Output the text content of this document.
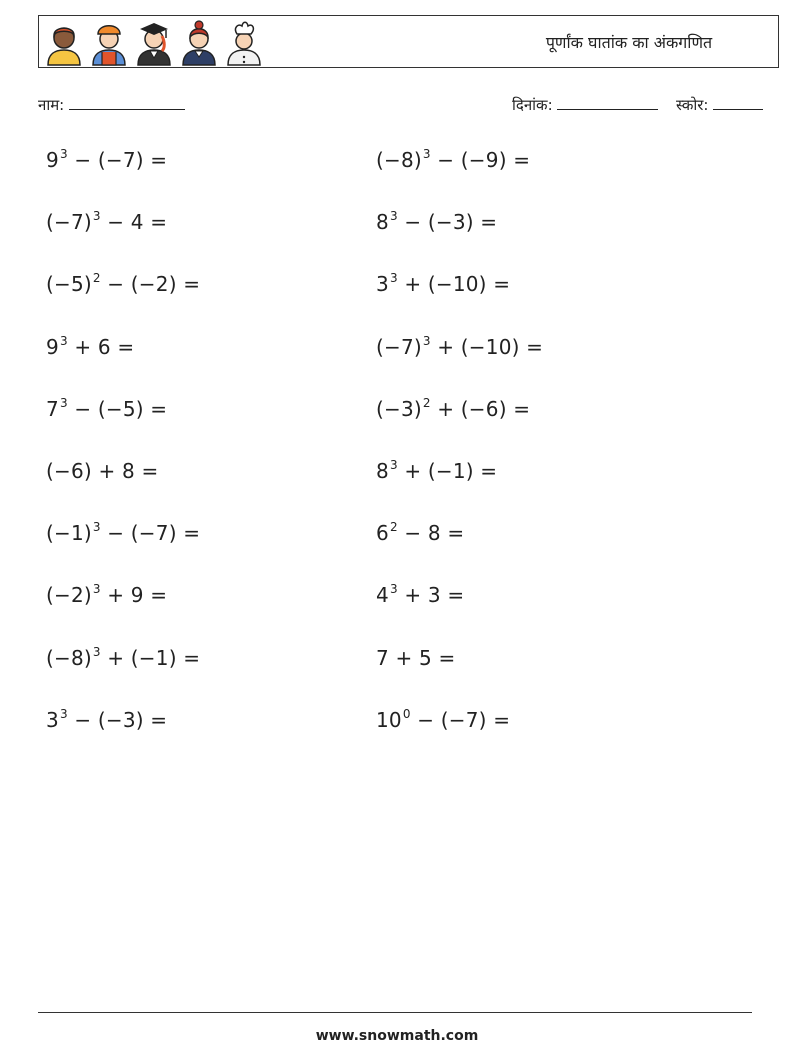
पूर्णांक घातांक का अंकगणित
नाम:	दिनांक:	स्कोर:
$9^3 - (-7)$ =	$(-8)^3 - (-9)$ =
$(-7)^3 - 4$ =	$8^3 - (-3)$ =
$(-5)^2 - (-2)$ =	$3^3 + (-10)$ =
$9^3 + 6$ =	$(-7)^3 + (-10)$ =
$7^3 - (-5)$ =	$(-3)^2 + (-6)$ =
(−6) + 8 =	$8^3 + (-1)$ =
$(-1)^3 - (-7)$ =	$6^2 - 8$ =
$(-2)^3 + 9$ =	$4^3 + 3$ =
$(-8)^3 + (-1)$ =	7 + 5 =
$3^3 - (-3)$ =	$10^0 - (-7)$ =
www.snowmath.com
